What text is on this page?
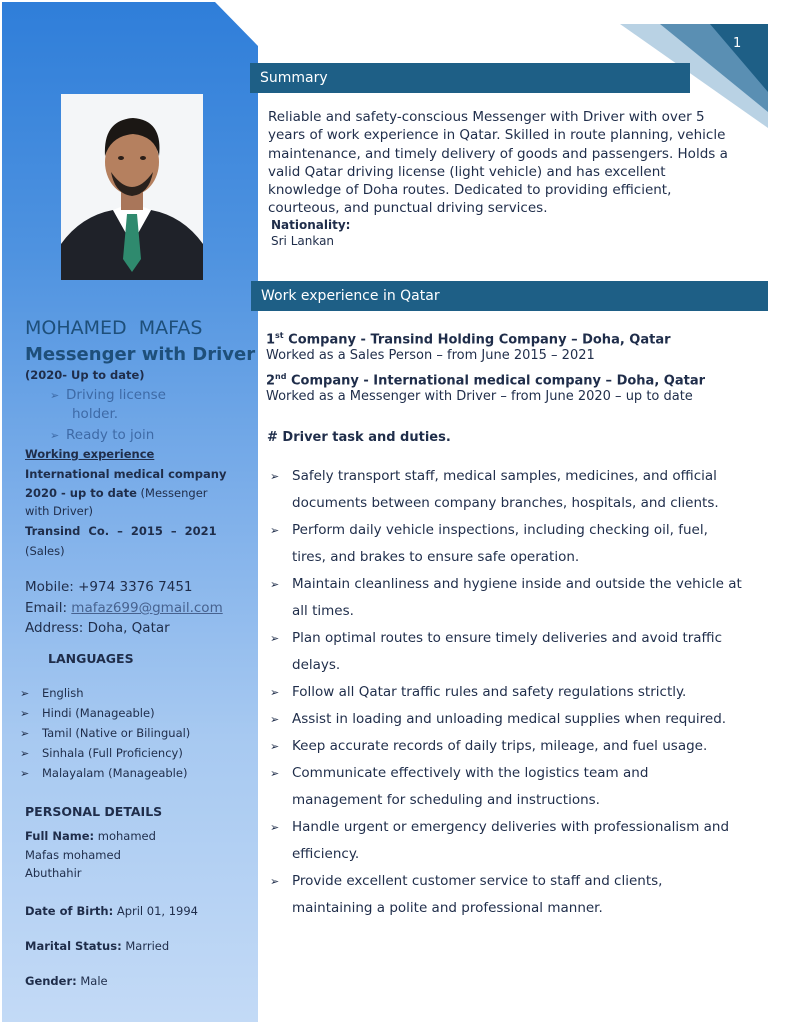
1
MOHAMED  MAFAS
Messenger with Driver
(2020- Up to date)
➢ Driving license
holder.
➢ Ready to join
Working experience
International medical company
2020 - up to date (Messenger
with Driver)
Transind  Co.  –  2015  –  2021
(Sales)
Mobile: +974 3376 7451
Email: mafaz699@gmail.com
Address: Doha, Qatar
LANGUAGES
➢ English
➢ Hindi (Manageable)
➢ Tamil (Native or Bilingual)
➢ Sinhala (Full Proficiency)
➢ Malayalam (Manageable)
PERSONAL DETAILS
Full Name: mohamed
Mafas mohamed
Abuthahir
Date of Birth: April 01, 1994
Marital Status: Married
Gender: Male
Summary
Reliable and safety-conscious Messenger with Driver with over 5
years of work experience in Qatar. Skilled in route planning, vehicle
maintenance, and timely delivery of goods and passengers. Holds a
valid Qatar driving license (light vehicle) and has excellent
knowledge of Doha routes. Dedicated to providing efficient,
courteous, and punctual driving services.
Nationality:
Sri Lankan
Work experience in Qatar
1st Company - Transind Holding Company – Doha, Qatar
Worked as a Sales Person – from June 2015 – 2021
2nd Company - International medical company – Doha, Qatar
Worked as a Messenger with Driver – from June 2020 – up to date
# Driver task and duties.
➢ Safely transport staff, medical samples, medicines, and official
documents between company branches, hospitals, and clients.
➢ Perform daily vehicle inspections, including checking oil, fuel,
tires, and brakes to ensure safe operation.
➢ Maintain cleanliness and hygiene inside and outside the vehicle at
all times.
➢ Plan optimal routes to ensure timely deliveries and avoid traffic
delays.
➢ Follow all Qatar traffic rules and safety regulations strictly.
➢ Assist in loading and unloading medical supplies when required.
➢ Keep accurate records of daily trips, mileage, and fuel usage.
➢ Communicate effectively with the logistics team and
management for scheduling and instructions.
➢ Handle urgent or emergency deliveries with professionalism and
efficiency.
➢ Provide excellent customer service to staff and clients,
maintaining a polite and professional manner.
